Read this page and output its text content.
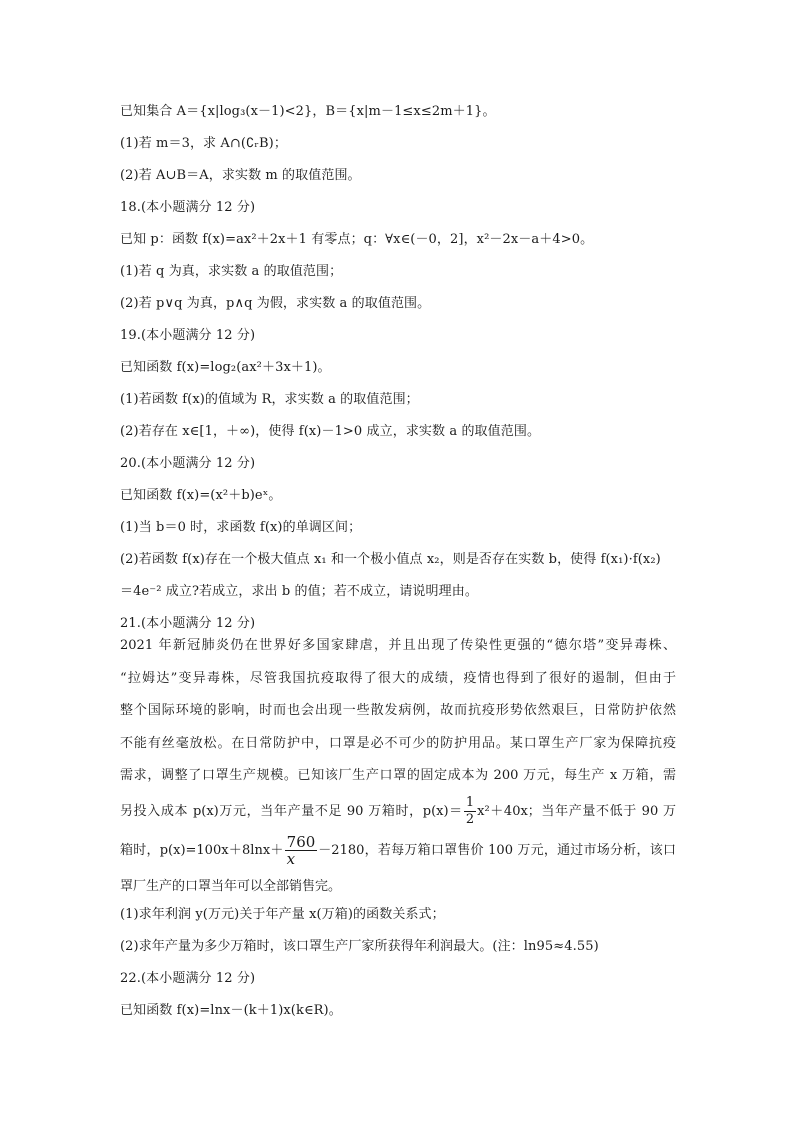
已知集合 A＝{x|log₃(x－1)<2}，B＝{x|m－1≤x≤2m＋1}。
(1)若 m＝3，求 A∩(∁ᵣB)；
(2)若 A∪B＝A，求实数 m 的取值范围。
18.(本小题满分 12 分)
已知 p：函数 f(x)=ax²＋2x＋1 有零点；q：∀x∈(－0，2]，x²－2x－a＋4>0。
(1)若 q 为真，求实数 a 的取值范围；
(2)若 p∨q 为真，p∧q 为假，求实数 a 的取值范围。
19.(本小题满分 12 分)
已知函数 f(x)=log₂(ax²＋3x＋1)。
(1)若函数 f(x)的值域为 R，求实数 a 的取值范围；
(2)若存在 x∈[1，＋∞)，使得 f(x)－1>0 成立，求实数 a 的取值范围。
20.(本小题满分 12 分)
已知函数 f(x)=(x²＋b)eˣ。
(1)当 b＝0 时，求函数 f(x)的单调区间；
(2)若函数 f(x)存在一个极大值点 x₁ 和一个极小值点 x₂，则是否存在实数 b，使得 f(x₁)·f(x₂)
＝4e⁻² 成立?若成立，求出 b 的值；若不成立，请说明理由。
21.(本小题满分 12 分)
2021 年新冠肺炎仍在世界好多国家肆虐，并且出现了传染性更强的“德尔塔”变异毒株、
“拉姆达”变异毒株，尽管我国抗疫取得了很大的成绩，疫情也得到了很好的遏制，但由于
整个国际环境的影响，时而也会出现一些散发病例，故而抗疫形势依然艰巨，日常防护依然
不能有丝毫放松。在日常防护中，口罩是必不可少的防护用品。某口罩生产厂家为保障抗疫
需求，调整了口罩生产规模。已知该厂生产口罩的固定成本为 200 万元，每生产 x 万箱，需
另投入成本 p(x)万元，当年产量不足 90 万箱时，$p(x)= \frac{1}{2} x^2+40x$；当年产量不低于 90 万
箱时，$p(x)=100x+8\ln x+ \frac{760}{x} -2180$，若每万箱口罩售价 100 万元，通过市场分析，该口
罩厂生产的口罩当年可以全部销售完。
(1)求年利润 y(万元)关于年产量 x(万箱)的函数关系式；
(2)求年产量为多少万箱时，该口罩生产厂家所获得年利润最大。(注：ln95≈4.55)
22.(本小题满分 12 分)
已知函数 f(x)=lnx－(k＋1)x(k∈R)。
